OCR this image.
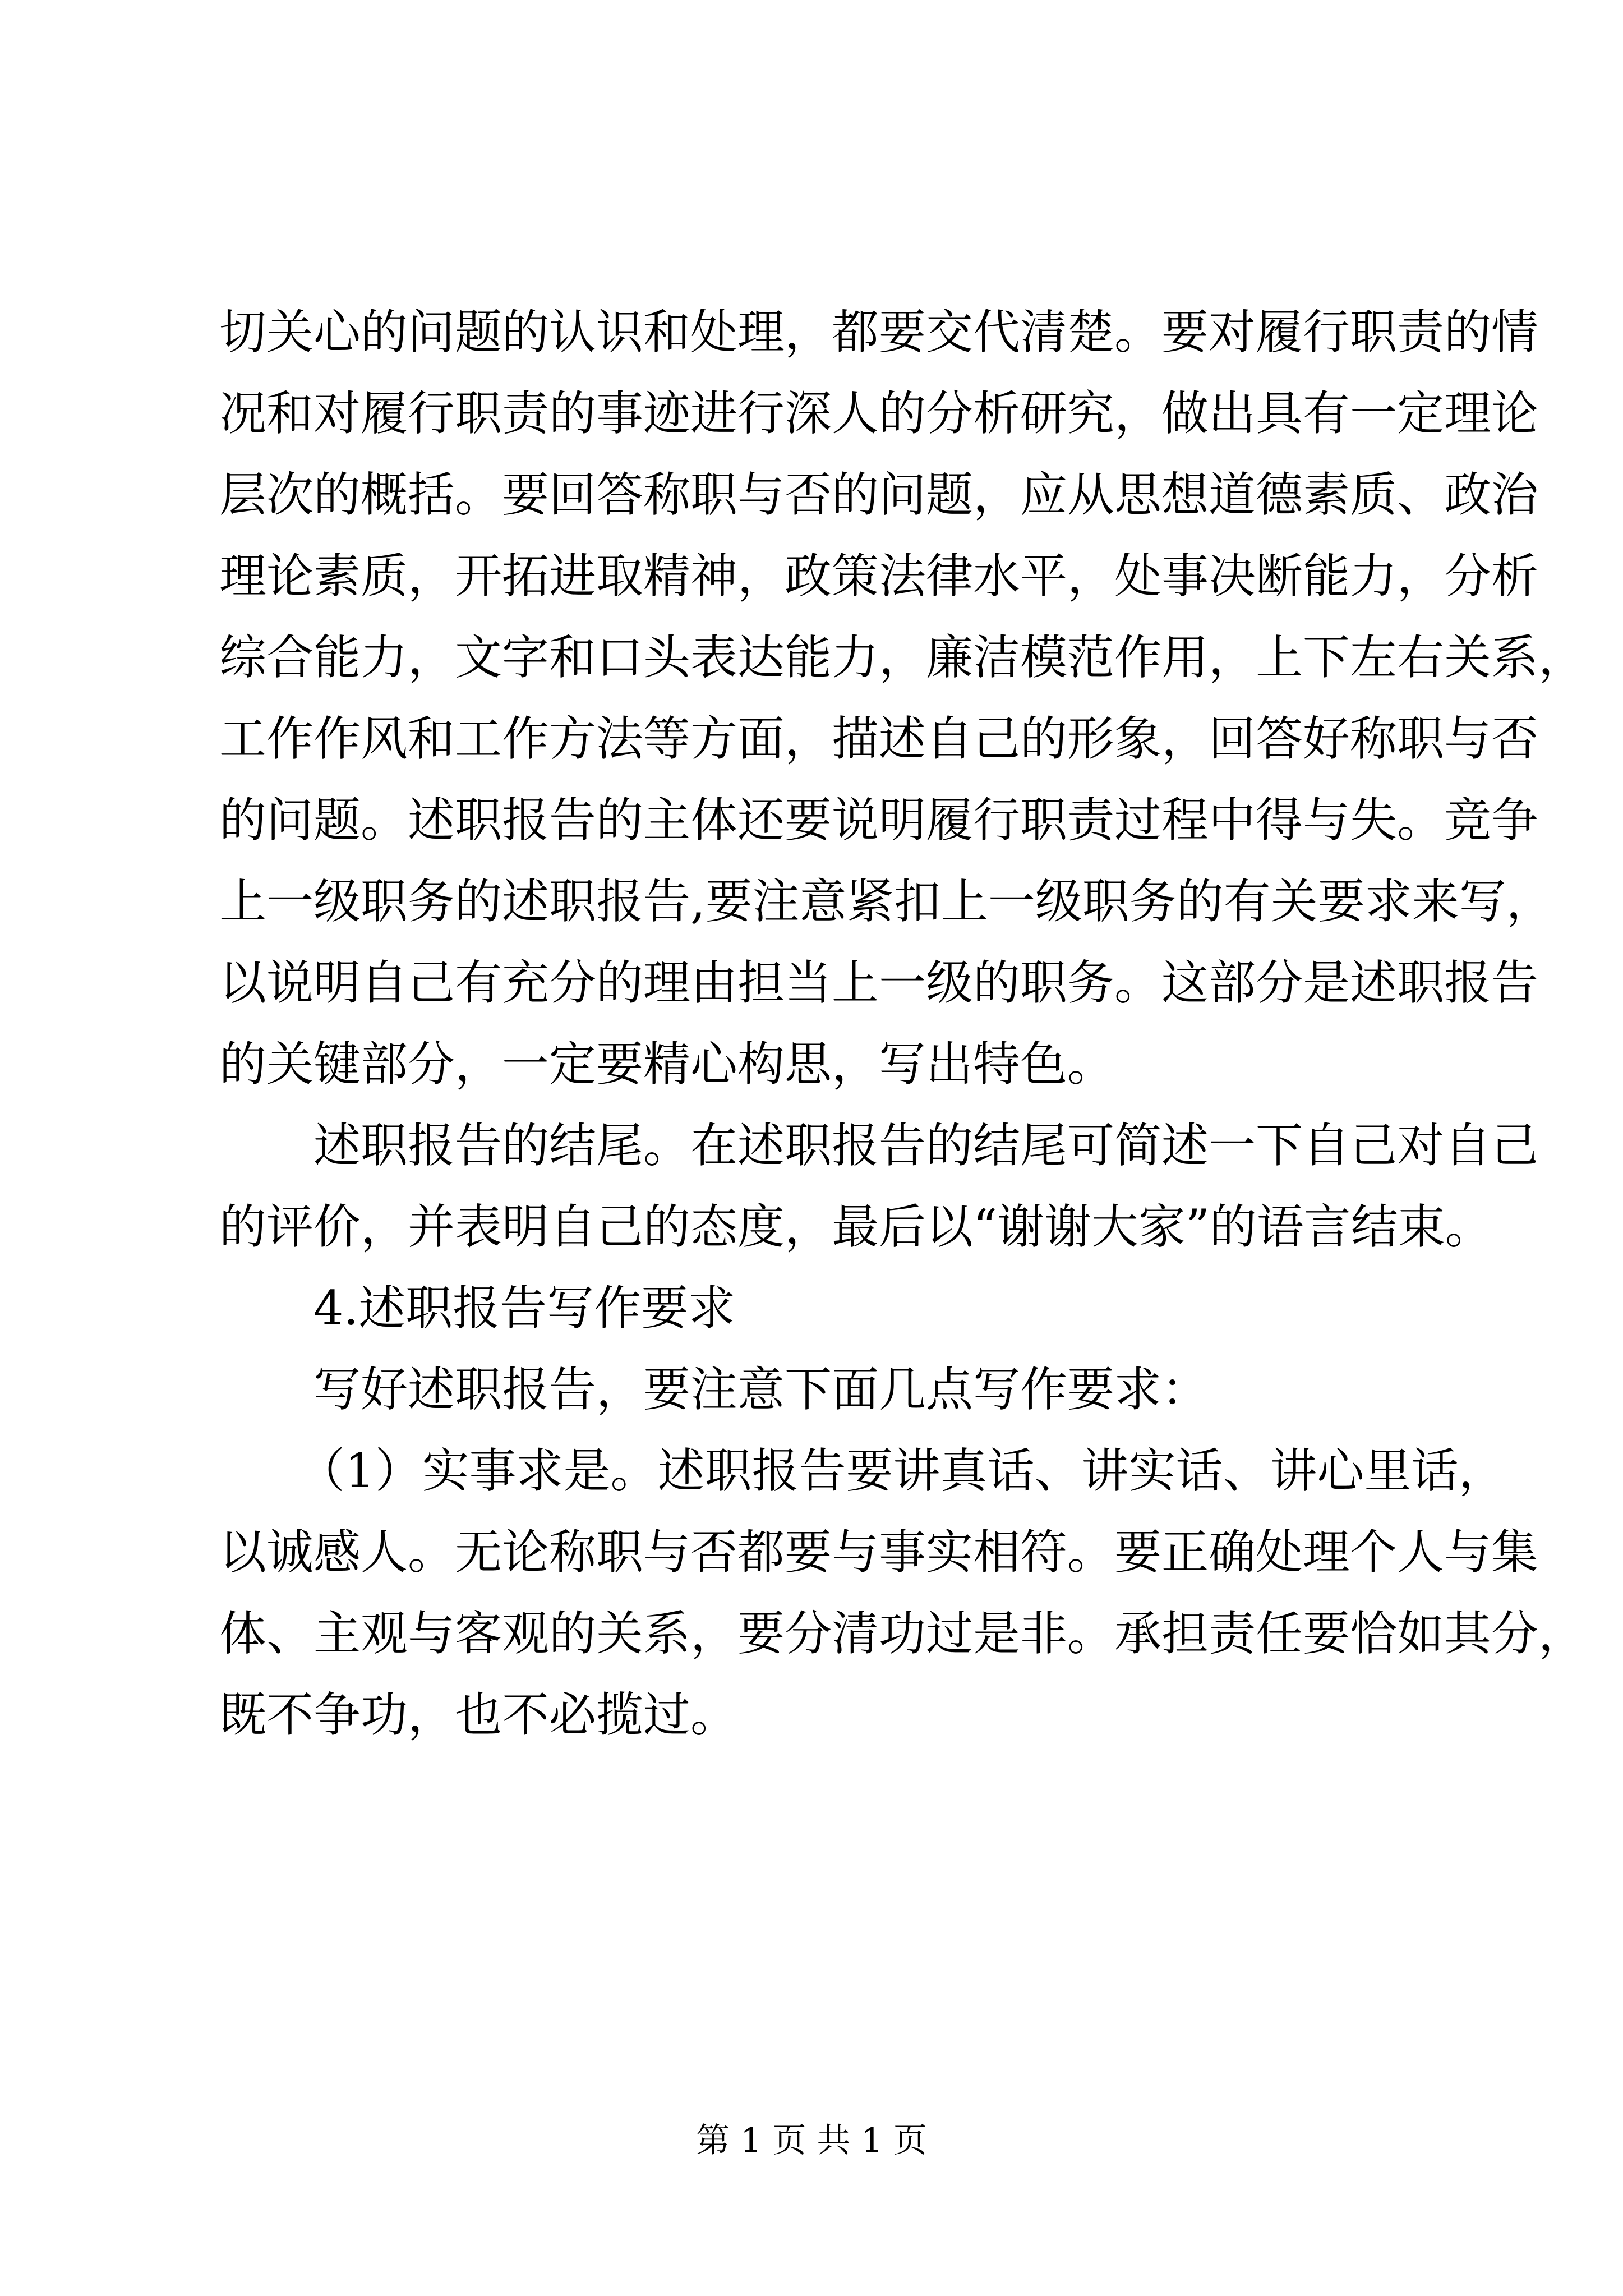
切关心的问题的认识和处理，都要交代清楚。要对履行职责的情
况和对履行职责的事迹进行深人的分析研究，做出具有一定理论
层次的概括。要回答称职与否的问题，应从思想道德素质、政治
理论素质，开拓进取精神，政策法律水平，处事决断能力，分析
综合能力，文字和口头表达能力，廉洁模范作用，上下左右关系，
工作作风和工作方法等方面，描述自己的形象，回答好称职与否
的问题。述职报告的主体还要说明履行职责过程中得与失。竞争
上一级职务的述职报告,要注意紧扣上一级职务的有关要求来写，
以说明自己有充分的理由担当上一级的职务。这部分是述职报告
的关键部分，一定要精心构思，写出特色。
述职报告的结尾。在述职报告的结尾可简述一下自己对自己
的评价，并表明自己的态度，最后以“谢谢大家”的语言结束。
4.述职报告写作要求
写好述职报告，要注意下面几点写作要求：
（1）实事求是。述职报告要讲真话、讲实话、讲心里话，
以诚感人。无论称职与否都要与事实相符。要正确处理个人与集
体、主观与客观的关系，要分清功过是非。承担责任要恰如其分，
既不争功，也不必揽过。
第 1 页 共 1 页
